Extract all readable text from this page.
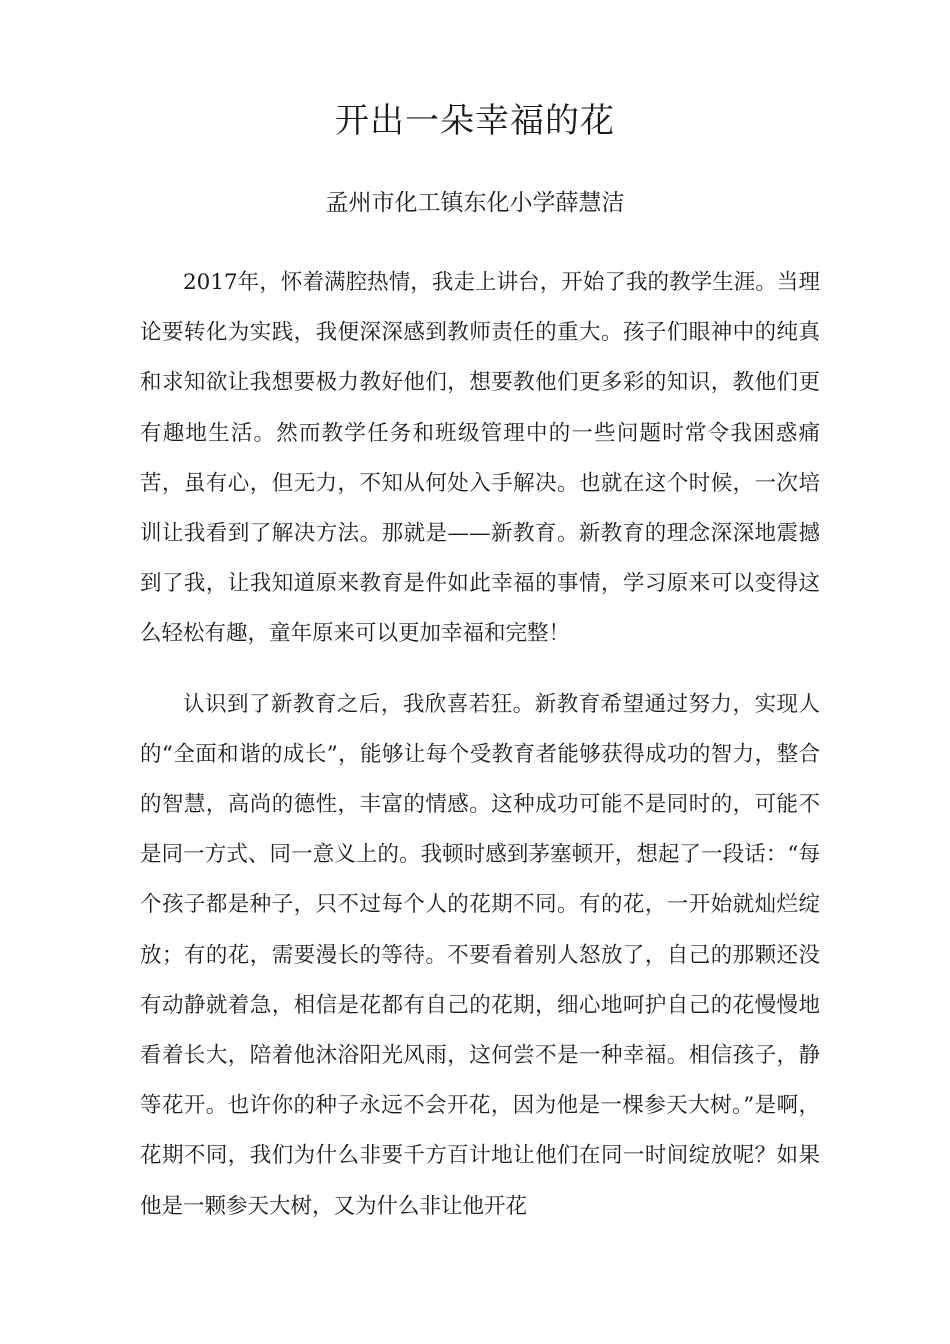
开出一朵幸福的花

孟州市化工镇东化小学薛慧洁

2017年，怀着满腔热情，我走上讲台，开始了我的教学生涯。当理论要转化为实践，我便深深感到教师责任的重大。孩子们眼神中的纯真和求知欲让我想要极力教好他们，想要教他们更多彩的知识，教他们更有趣地生活。然而教学任务和班级管理中的一些问题时常令我困惑痛苦，虽有心，但无力，不知从何处入手解决。也就在这个时候，一次培训让我看到了解决方法。那就是——新教育。新教育的理念深深地震撼到了我，让我知道原来教育是件如此幸福的事情，学习原来可以变得这么轻松有趣，童年原来可以更加幸福和完整！

认识到了新教育之后，我欣喜若狂。新教育希望通过努力，实现人的“全面和谐的成长”，能够让每个受教育者能够获得成功的智力，整合的智慧，高尚的德性，丰富的情感。这种成功可能不是同时的，可能不是同一方式、同一意义上的。我顿时感到茅塞顿开，想起了一段话：“每个孩子都是种子，只不过每个人的花期不同。有的花，一开始就灿烂绽放；有的花，需要漫长的等待。不要看着别人怒放了，自己的那颗还没有动静就着急，相信是花都有自己的花期，细心地呵护自己的花慢慢地看着长大，陪着他沐浴阳光风雨，这何尝不是一种幸福。相信孩子，静等花开。也许你的种子永远不会开花，因为他是一棵参天大树。”是啊，花期不同，我们为什么非要千方百计地让他们在同一时间绽放呢？如果他是一颗参天大树，又为什么非让他开花
